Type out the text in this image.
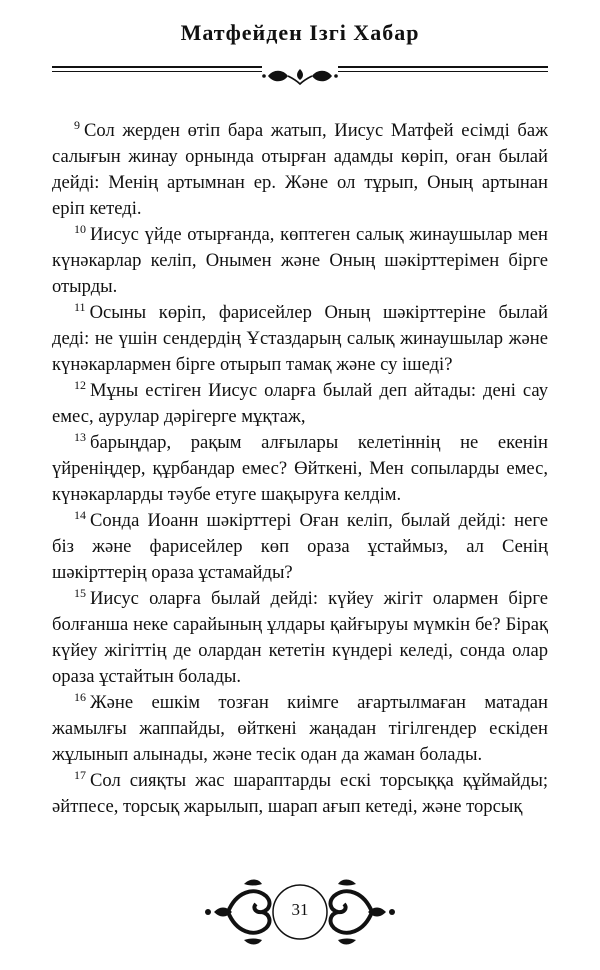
Матфейден Ізгі Хабар

$^9$ Сол жерден өтіп бара жатып, Иисус Матфей есімді баж салығын жинау орнында отырған адамды көріп, оған былай дейді: Менің артымнан ер. Және ол тұрып, Оның артынан еріп кетеді.

$^{10}$ Иисус үйде отырғанда, көптеген салық жинаушылар мен күнәкарлар келіп, Онымен және Оның шәкірттерімен бірге отырды.

$^{11}$ Осыны көріп, фарисейлер Оның шәкірттеріне былай деді: не үшін сендердің Ұстаздарың салық жинаушылар және күнәкарлармен бірге отырып тамақ және су ішеді?

$^{12}$ Мұны естіген Иисус оларға былай деп айтады: дені сау емес, аурулар дәрігерге мұқтаж,

$^{13}$ барыңдар, рақым алғылары келетіннің не екенін үйреніңдер, құрбандар емес? Өйткені, Мен сопыларды емес, күнәкарларды тәубе етуге шақыруға келдім.

$^{14}$ Сонда Иоанн шәкірттері Оған келіп, былай дейді: неге біз және фарисейлер көп ораза ұстаймыз, ал Сенің шәкірттерің ораза ұстамайды?

$^{15}$ Иисус оларға былай дейді: күйеу жігіт олармен бірге болғанша неке сарайының ұлдары қайғыруы мүмкін бе? Бірақ күйеу жігіттің де олардан кететін күндері келеді, сонда олар ораза ұстайтын болады.

$^{16}$ Және ешкім тозған киімге ағартылмаған матадан жамылғы жаппайды, өйткені жаңадан тігілгендер ескіден жұлынып алынады, және тесік одан да жаман болады.

$^{17}$ Сол сияқты жас шараптарды ескі торсыққа құймайды; әйтпесе, торсық жарылып, шарап ағып кетеді, және торсық

31
